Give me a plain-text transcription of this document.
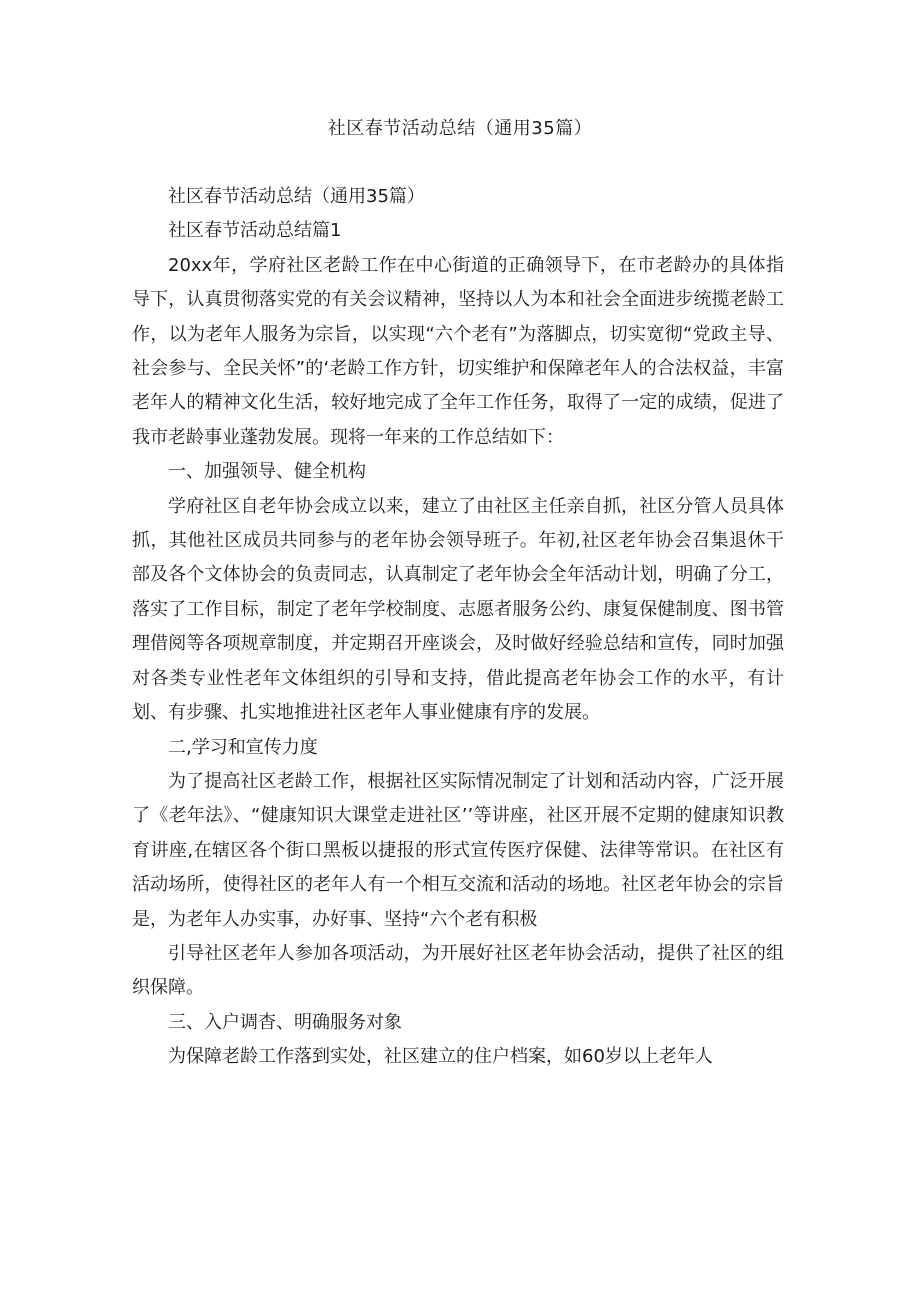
社区春节活动总结（通用35篇）

社区春节活动总结（通用35篇）

社区春节活动总结篇1

20xx年，学府社区老龄工作在中心街道的正确领导下，在市老龄办的具体指导下，认真贯彻落实党的有关会议精神，坚持以人为本和社会全面进步统揽老龄工作，以为老年人服务为宗旨，以实现“六个老有”为落脚点，切实宽彻“党政主导、社会参与、全民关怀”的‘老龄工作方针，切实维护和保障老年人的合法权益，丰富老年人的精神文化生活，较好地完成了全年工作任务，取得了一定的成绩，促进了我市老龄事业蓬勃发展。现将一年来的工作总结如下：

一、加强领导、健全机构

学府社区自老年协会成立以来，建立了由社区主任亲自抓，社区分管人员具体抓，其他社区成员共同参与的老年协会领导班子。年初,社区老年协会召集退休干部及各个文体协会的负责同志，认真制定了老年协会全年活动计划，明确了分工，落实了工作目标，制定了老年学校制度、志愿者服务公约、康复保健制度、图书管理借阅等各项规章制度，并定期召开座谈会，及时做好经验总结和宣传，同时加强对各类专业性老年文体组织的引导和支持，借此提高老年协会工作的水平，有计划、有步骤、扎实地推进社区老年人事业健康有序的发展。

二,学习和宣传力度

为了提高社区老龄工作，根据社区实际情况制定了计划和活动内容，广泛开展了《老年法》、“健康知识大课堂走进社区’’等讲座，社区开展不定期的健康知识教育讲座,在辖区各个街口黑板以捷报的形式宣传医疗保健、法律等常识。在社区有活动场所，使得社区的老年人有一个相互交流和活动的场地。社区老年协会的宗旨是，为老年人办实事，办好事、坚持“六个老有积极

引导社区老年人参加各项活动，为开展好社区老年协会活动，提供了社区的组织保障。

三、入户调杳、明确服务对象

为保障老龄工作落到实处，社区建立的住户档案，如60岁以上老年人
